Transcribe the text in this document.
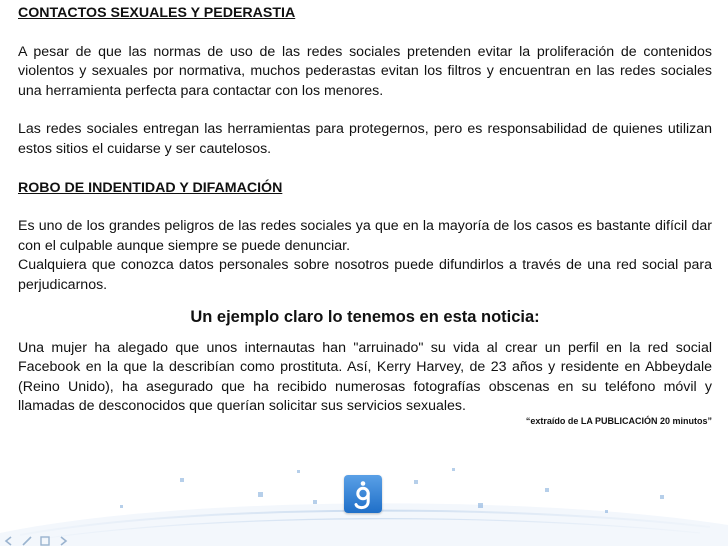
CONTACTOS SEXUALES Y PEDERASTIA

A pesar de que las normas de uso de las redes sociales pretenden evitar la proliferación de contenidos violentos y sexuales por normativa, muchos pederastas evitan los filtros y encuentran en las redes sociales una herramienta perfecta para contactar con los menores.

Las redes sociales entregan las herramientas para protegernos, pero es responsabilidad de quienes utilizan estos sitios el cuidarse y ser cautelosos.

ROBO DE INDENTIDAD Y DIFAMACIÓN

Es uno de los grandes peligros de las redes sociales ya que en la mayoría de los casos es bastante difícil dar con el culpable aunque siempre se puede denunciar.

Cualquiera que conozca datos personales sobre nosotros puede difundirlos a través de una red social para perjudicarnos.

Un ejemplo claro lo tenemos en esta noticia:

Una mujer ha alegado que unos internautas han "arruinado" su vida al crear un perfil en la red social Facebook en la que la describían como prostituta. Así, Kerry Harvey, de 23 años y residente en Abbeydale (Reino Unido), ha asegurado que ha recibido numerosas fotografías obscenas en su teléfono móvil y llamadas de desconocidos que querían solicitar sus servicios sexuales.

“extraído de LA PUBLICACIÓN 20 minutos”
